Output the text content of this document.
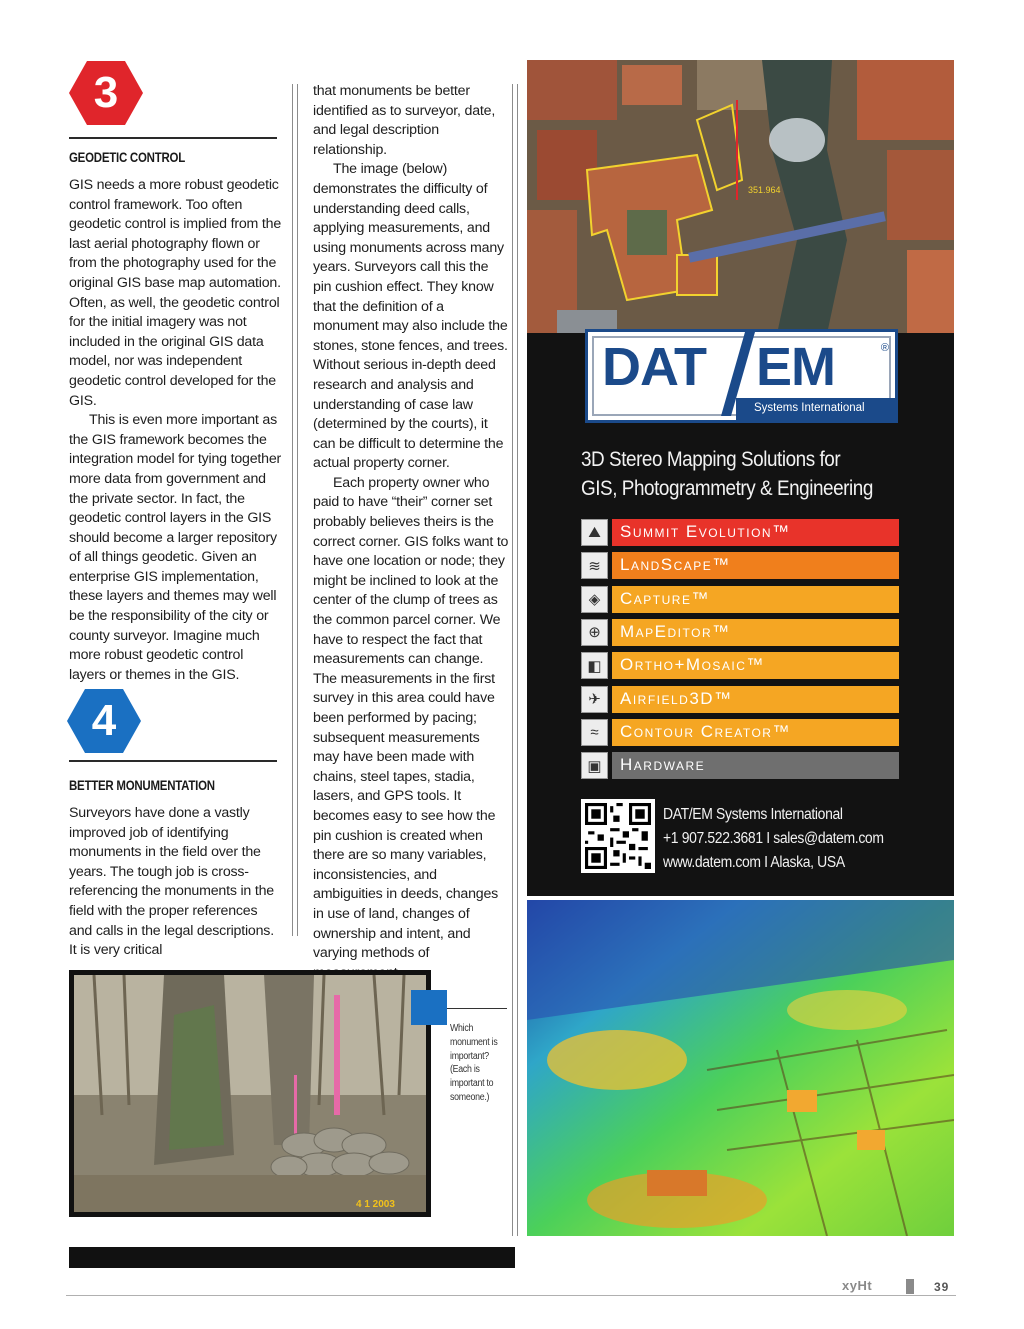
3
GEODETIC CONTROL

GIS needs a more robust geodetic control framework. Too often geodetic control is implied from the last aerial photography flown or from the photography used for the original GIS base map automation. Often, as well, the geodetic control for the initial imagery was not included in the original GIS data model, nor was independent geodetic control developed for the GIS.

This is even more important as the GIS framework becomes the integration model for tying together more data from government and the private sector. In fact, the geodetic control layers in the GIS should become a larger repository of all things geodetic. Given an enterprise GIS implementation, these layers and themes may well be the responsibility of the city or county surveyor. Imagine much more robust geodetic control layers or themes in the GIS.

4
BETTER MONUMENTATION

Surveyors have done a vastly improved job of identifying monuments in the field over the years. The tough job is cross-referencing the monuments in the field with the proper references and calls in the legal descriptions. It is very critical

that monuments be better identified as to surveyor, date, and legal description relationship.

The image (below) demonstrates the difficulty of understanding deed calls, applying measurements, and using monuments across many years. Surveyors call this the pin cushion effect. They know that the definition of a monument may also include the stones, stone fences, and trees. Without serious in-depth deed research and analysis and understanding of case law (determined by the courts), it can be difficult to determine the actual property corner.

Each property owner who paid to have “their” corner set probably believes theirs is the correct corner. GIS folks want to have one location or node; they might be inclined to look at the center of the clump of trees as the common parcel corner. We have to respect the fact that measurements can change. The measurements in the first survey in this area could have been performed by pacing; subsequent measurements may have been made with chains, steel tapes, stadia, lasers, and GPS tools. It becomes easy to see how the pin cushion is created when there are so many variables, inconsistencies, and ambiguities in deeds, changes in use of land, changes of ownership and intent, and varying methods of

351.964
DAT EM	®
Systems International
3D Stereo Mapping Solutions for
GIS, Photogrammetry & Engineering
⛰	Summit Evolution™
≋	LandScape™
◈	Capture™
⊕	MapEditor™
◧	Ortho+Mosaic™
✈	Airfield3D™
≈	Contour Creator™
▣	Hardware
DAT/EM Systems International
+1 907.522.3681 I sales@datem.com
www.datem.com I Alaska, USA
4 1 2003
Which monument is important? (Each is important to someone.)
xyHt	39
